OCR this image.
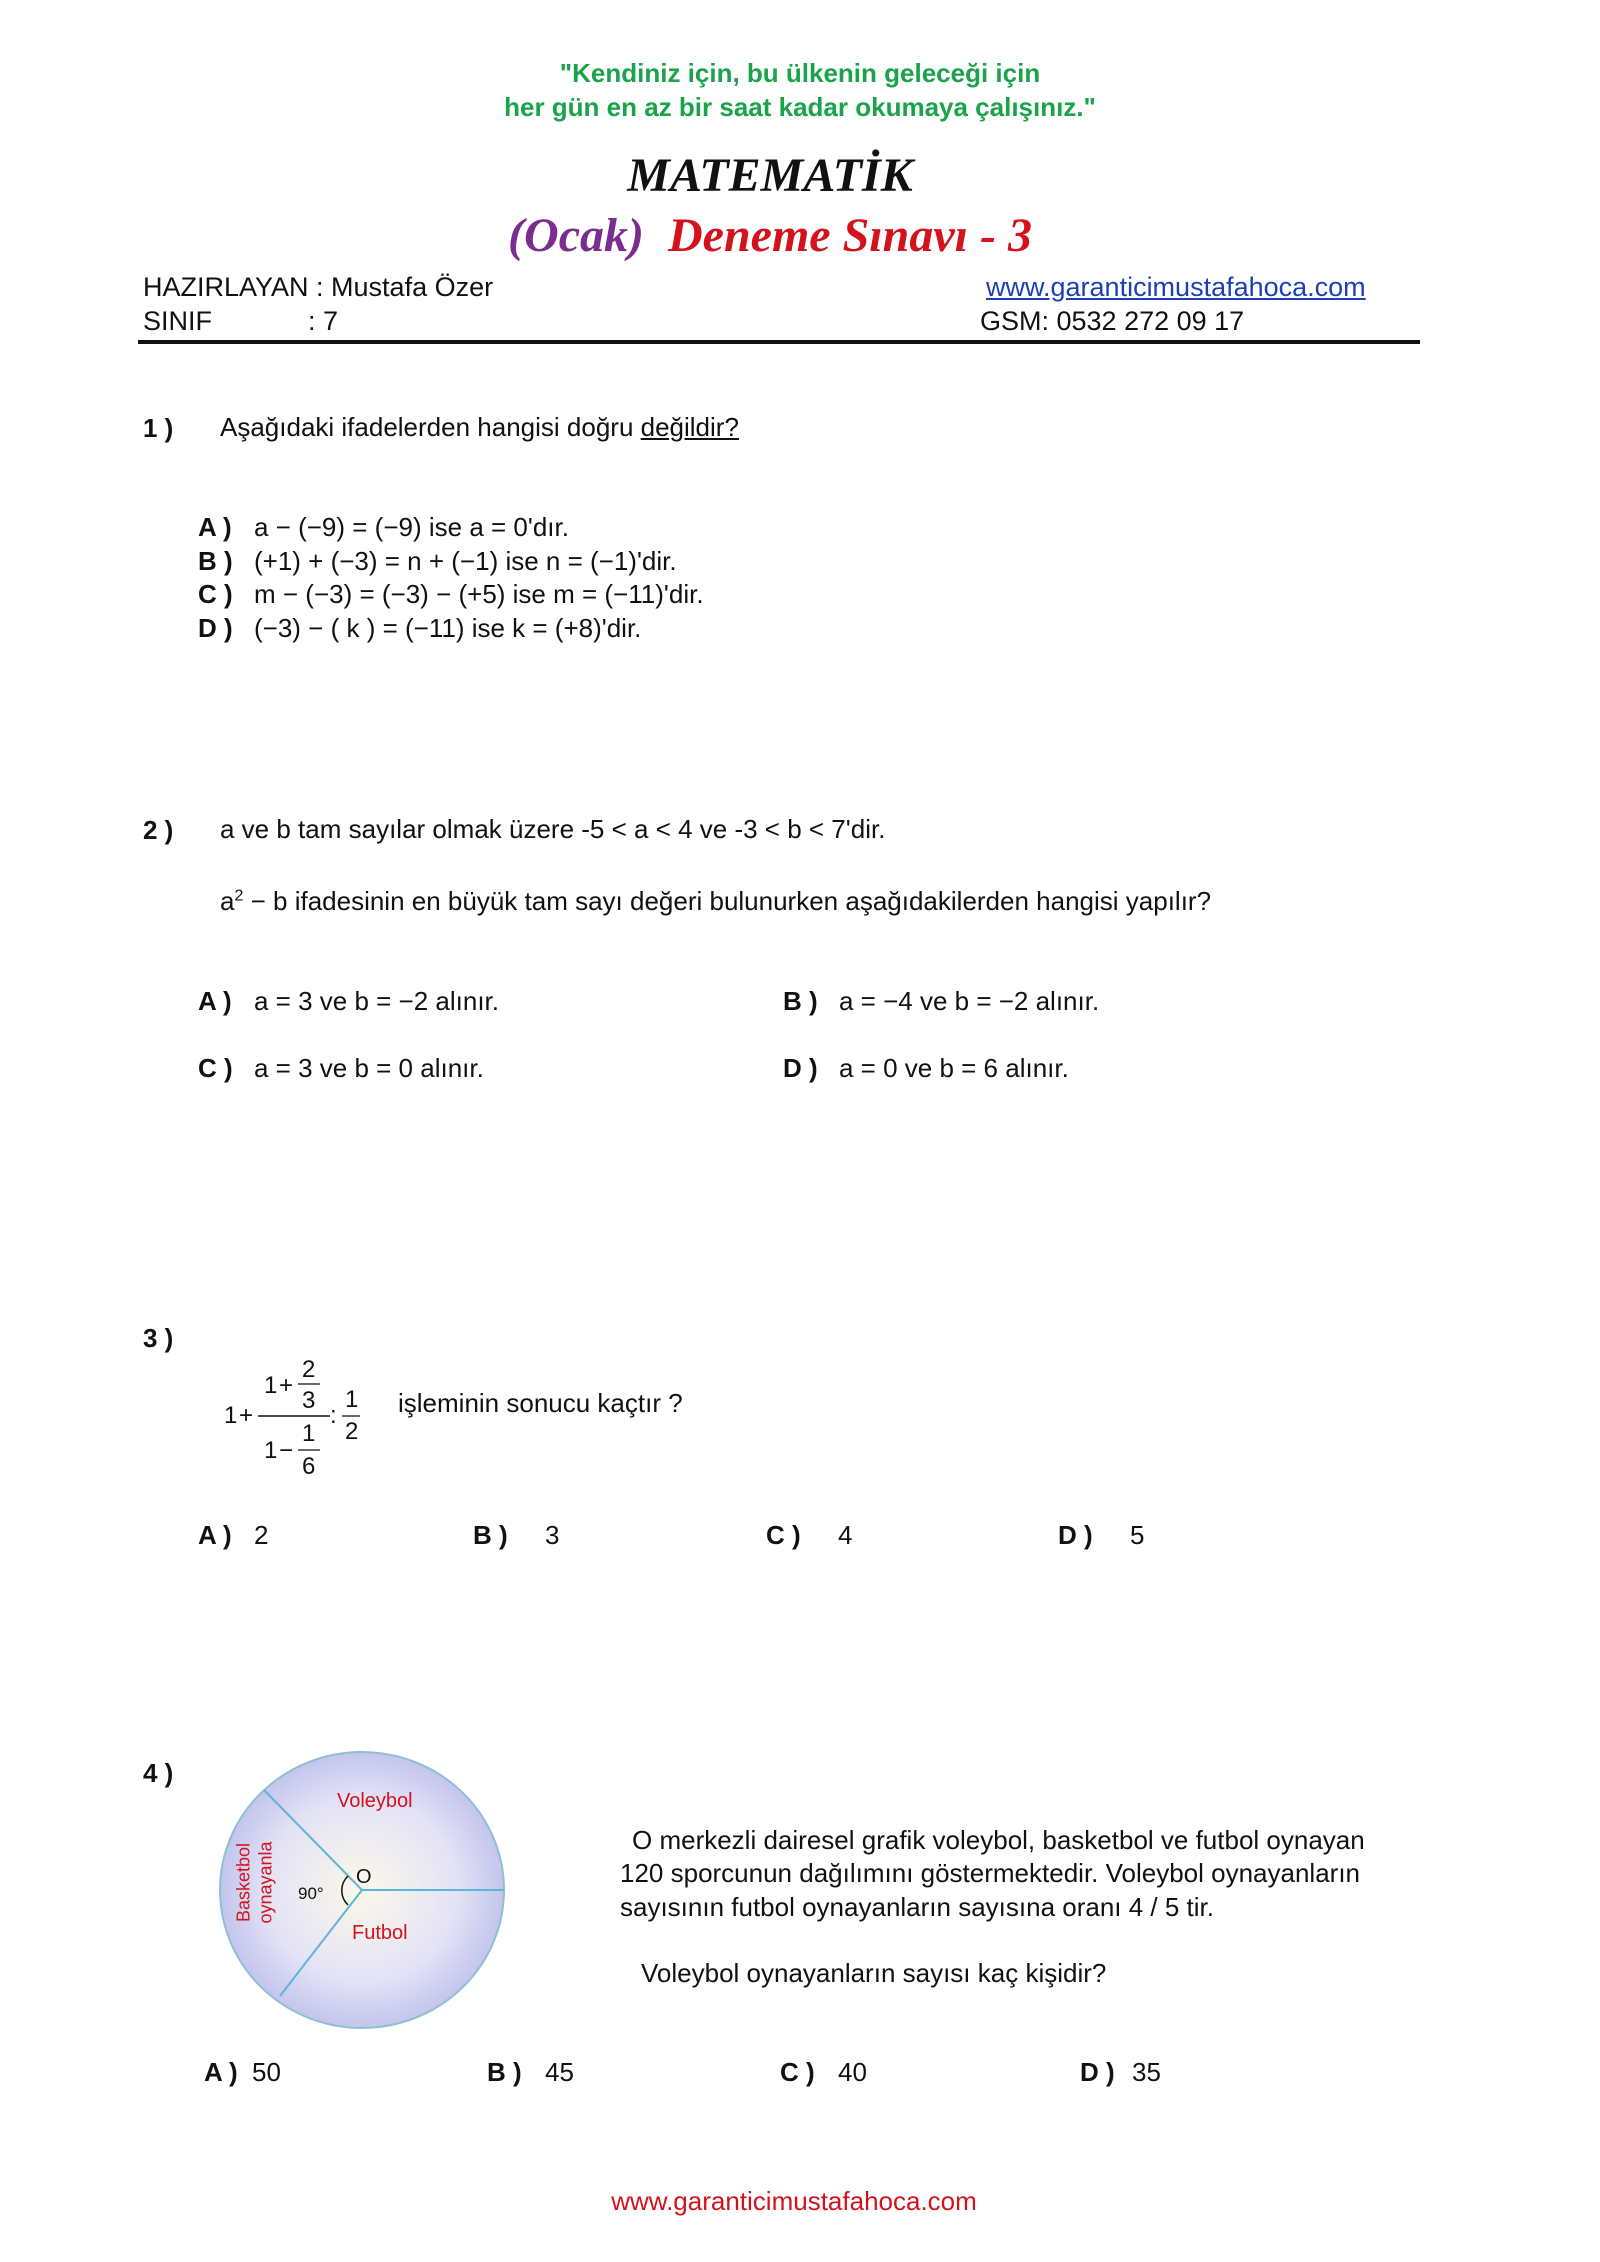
"Kendiniz için, bu ülkenin geleceği için
her gün en az bir saat kadar okumaya çalışınız."
MATEMATİK
(Ocak) Deneme Sınavı - 3
HAZIRLAYAN : Mustafa Özer
SINIF	: 7
www.garanticimustafahoca.com
GSM: 0532 272 09 17
1 ) Aşağıdaki ifadelerden hangisi doğru değildir?
A ) a − (−9) = (−9) ise a = 0'dır.
B ) (+1) + (−3) = n + (−1) ise n = (−1)'dir.
C ) m − (−3) = (−3) − (+5) ise m = (−11)'dir.
D ) (−3) − ( k ) = (−11) ise k = (+8)'dir.
2 ) a ve b tam sayılar olmak üzere -5 < a < 4 ve -3 < b < 7'dir.
$a^2 - b$ ifadesinin en büyük tam sayı değeri bulunurken aşağıdakilerden hangisi yapılır?
A ) a = 3 ve b = −2 alınır.	B ) a = −4 ve b = −2 alınır.
C ) a = 3 ve b = 0 alınır.	D ) a = 0 ve b = 6 alınır.
3 )
1 +
1 +
2
3
1
1 −
6
:
1
2
işleminin sonucu kaçtır ?
A ) 2	B ) 3	C ) 4	D ) 5
4 )
Voleybol
Futbol
O
90°
Basketbol oynayanla
O merkezli dairesel grafik voleybol, basketbol ve futbol oynayan
120 sporcunun dağılımını göstermektedir. Voleybol oynayanların
sayısının futbol oynayanların sayısına oranı 4 / 5 tir.
Voleybol oynayanların sayısı kaç kişidir?
A ) 50	B ) 45	C ) 40	D ) 35
www.garanticimustafahoca.com
